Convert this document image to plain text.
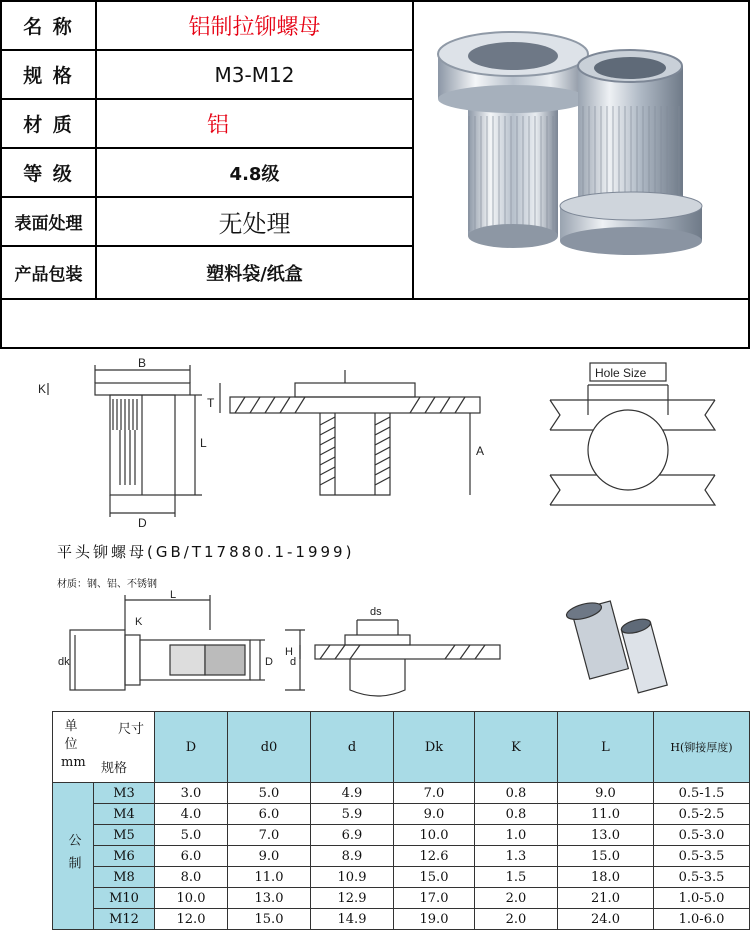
名 称	铝制拉铆螺母
规 格	M3-M12
材 质	铝
等 级	4.8级
表面处理	无处理
产品包装	塑料袋/纸盒
B
K
L
D
T
A
Hole Size
平头铆螺母(GB/T17880.1-1999)
材质：钢、铝、不锈钢
L
K
dk	D d
ds
H
单位mm
尺寸
规格		D	d0	d	Dk	K	L	H(铆接厚度)
公制	M3	3.0	5.0	4.9	7.0	0.8	9.0	0.5-1.5
	M4	4.0	6.0	5.9	9.0	0.8	11.0	0.5-2.5
	M5	5.0	7.0	6.9	10.0	1.0	13.0	0.5-3.0
	M6	6.0	9.0	8.9	12.6	1.3	15.0	0.5-3.5
	M8	8.0	11.0	10.9	15.0	1.5	18.0	0.5-3.5
	M10	10.0	13.0	12.9	17.0	2.0	21.0	1.0-5.0
	M12	12.0	15.0	14.9	19.0	2.0	24.0	1.0-6.0
